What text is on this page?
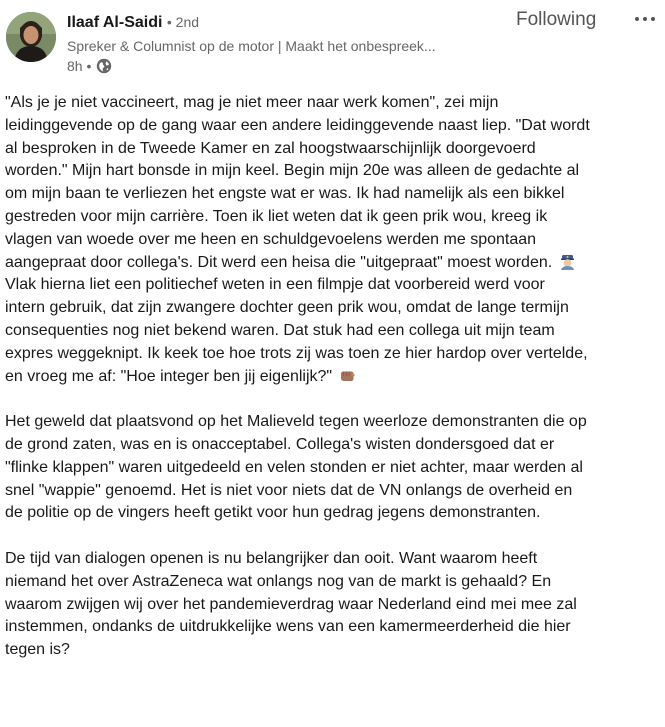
Ilaaf Al-Saidi • 2nd
Spreker & Columnist op de motor | Maakt het onbespreek...
8h •
Following

"Als je je niet vaccineert, mag je niet meer naar werk komen", zei mijn
leidinggevende op de gang waar een andere leidinggevende naast liep. "Dat wordt
al besproken in de Tweede Kamer en zal hoogstwaarschijnlijk doorgevoerd
worden." Mijn hart bonsde in mijn keel. Begin mijn 20e was alleen de gedachte al
om mijn baan te verliezen het engste wat er was. Ik had namelijk als een bikkel
gestreden voor mijn carrière. Toen ik liet weten dat ik geen prik wou, kreeg ik
vlagen van woede over me heen en schuldgevoelens werden me spontaan
aangepraat door collega's. Dit werd een heisa die "uitgepraat" moest worden.
Vlak hierna liet een politiechef weten in een filmpje dat voorbereid werd voor
intern gebruik, dat zijn zwangere dochter geen prik wou, omdat de lange termijn
consequenties nog niet bekend waren. Dat stuk had een collega uit mijn team
expres weggeknipt. Ik keek toe hoe trots zij was toen ze hier hardop over vertelde,
en vroeg me af: "Hoe integer ben jij eigenlijk?"

Het geweld dat plaatsvond op het Malieveld tegen weerloze demonstranten die op
de grond zaten, was en is onacceptabel. Collega's wisten dondersgoed dat er
"flinke klappen" waren uitgedeeld en velen stonden er niet achter, maar werden al
snel "wappie" genoemd. Het is niet voor niets dat de VN onlangs de overheid en
de politie op de vingers heeft getikt voor hun gedrag jegens demonstranten.

De tijd van dialogen openen is nu belangrijker dan ooit. Want waarom heeft
niemand het over AstraZeneca wat onlangs nog van de markt is gehaald? En
waarom zwijgen wij over het pandemieverdrag waar Nederland eind mei mee zal
instemmen, ondanks de uitdrukkelijke wens van een kamermeerderheid die hier
tegen is?
